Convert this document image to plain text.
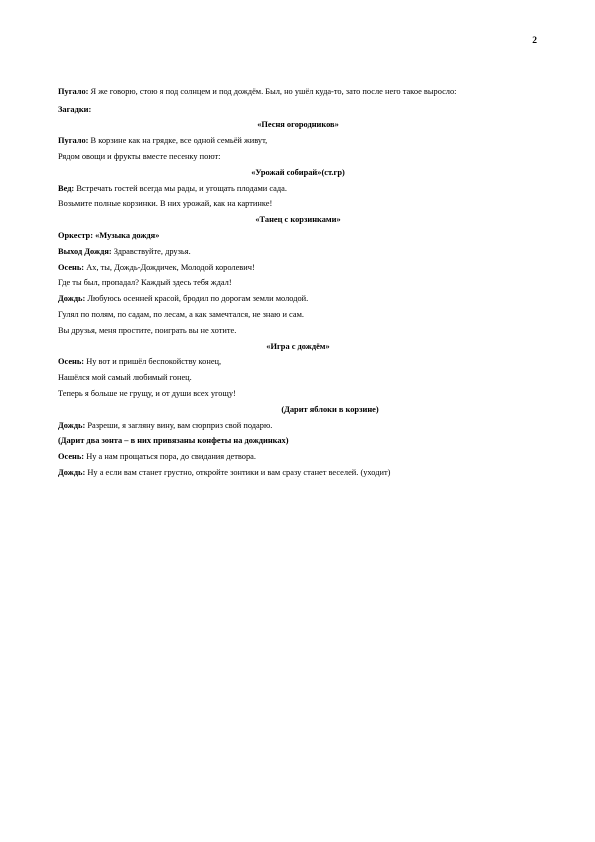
2
Пугало: Я же говорю, стою я под солнцем и под дождём. Был, но ушёл куда-то, зато после него такое выросло:
Загадки:
«Песня огородников»
Пугало: В корзине как на грядке, все одной семьёй живут,
Рядом овощи и фрукты вместе песенку поют:
«Урожай собирай»(ст.гр)
Вед: Встречать гостей всегда мы рады, и угощать плодами сада.
Возьмите полные корзинки. В них урожай, как на картинке!
«Танец с корзинками»
Оркестр: «Музыка дождя»
Выход Дождя: Здравствуйте, друзья.
Осень: Ах, ты, Дождь-Дождичек, Молодой королевич!
Где ты был, пропадал? Каждый здесь тебя ждал!
Дождь: Любуюсь осенней красой, бродил по дорогам земли молодой.
Гулял по полям, по садам, по лесам, а как замечтался, не знаю и сам.
Вы друзья, меня простите, поиграть вы не хотите.
«Игра с дождём»
Осень: Ну вот и пришёл беспокойству конец,
Нашёлся мой самый любимый гонец.
Теперь я больше не грущу, и от души всех угощу!
(Дарит яблоки в корзине)
Дождь: Разреши, я загляну вину, вам сюрприз свой подарю.
(Дарит два зонта – в них привязаны конфеты на дождинках)
Осень: Ну а нам прощаться пора, до свидания детвора.
Дождь: Ну а если вам станет грустно, откройте зонтики и вам сразу станет веселей. (уходит)
